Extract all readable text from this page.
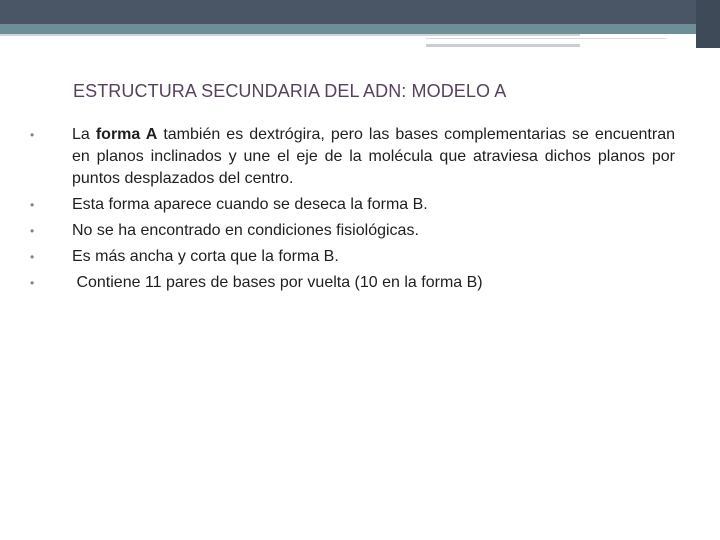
ESTRUCTURA SECUNDARIA DEL ADN: MODELO A
•	La forma A también es dextrógira, pero las bases complementarias se encuentran en planos inclinados y une el eje de la molécula que atraviesa dichos planos por puntos desplazados del centro.
•	Esta forma aparece cuando se deseca la forma B.
•	No se ha encontrado en condiciones fisiológicas.
•	Es más ancha y corta que la forma B.
•	Contiene 11 pares de bases por vuelta (10 en la forma B)
